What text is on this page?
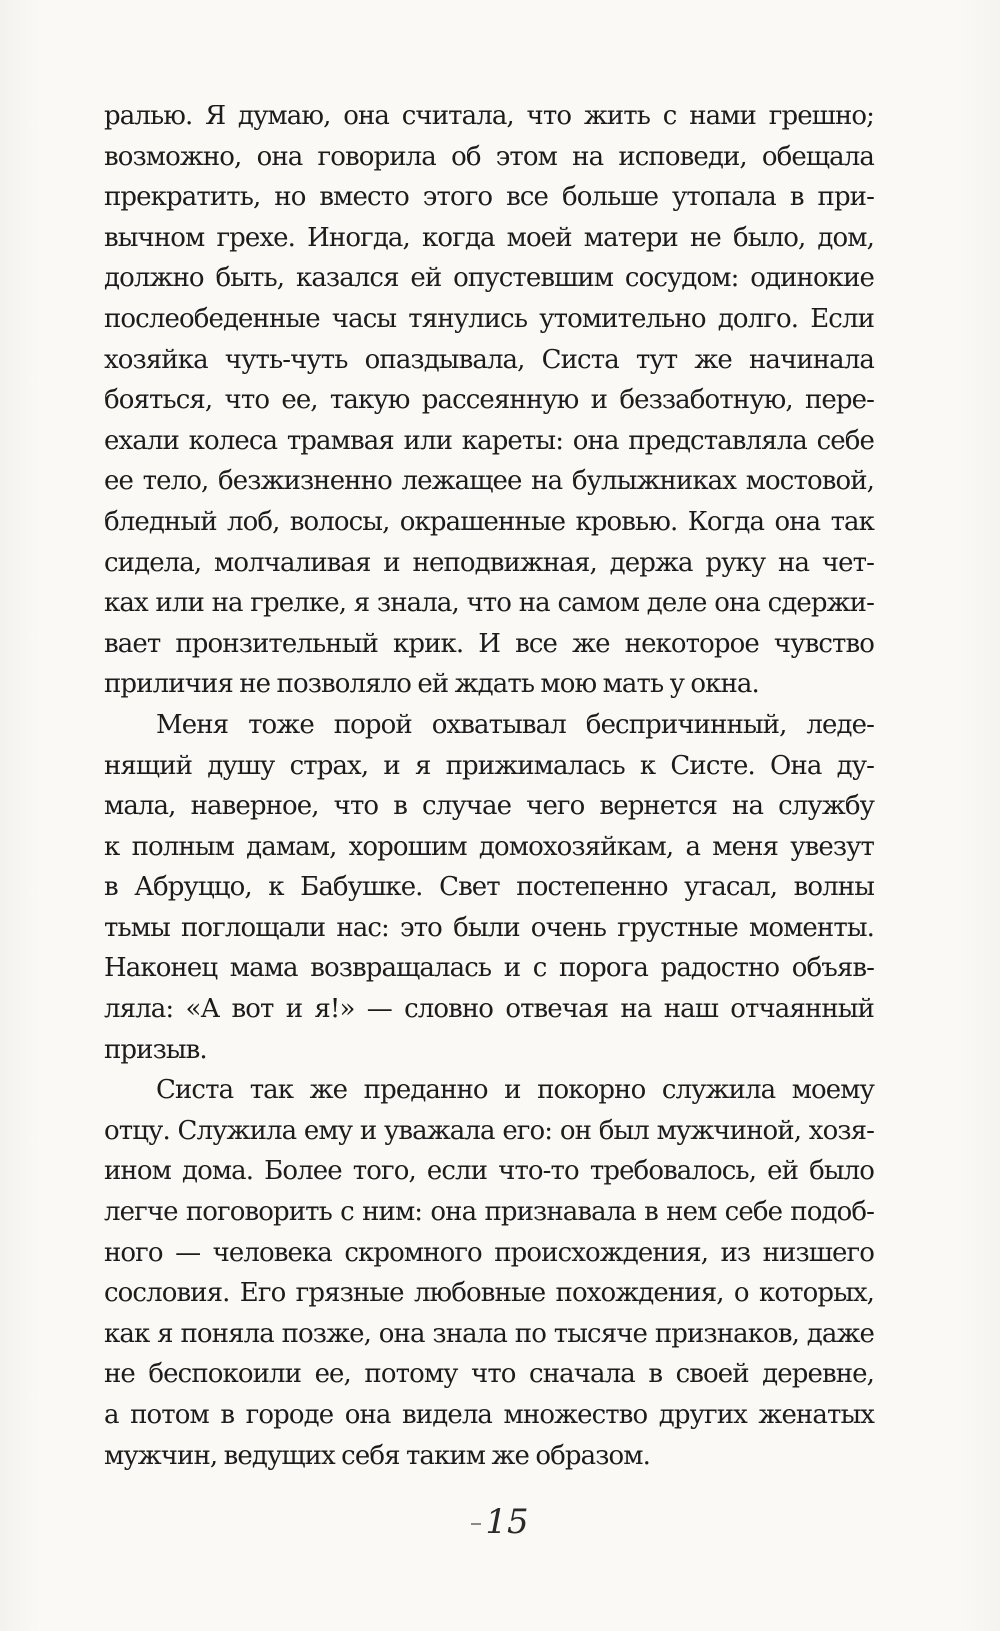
ралью. Я думаю, она считала, что жить с нами грешно;
возможно, она говорила об этом на исповеди, обещала
прекратить, но вместо этого все больше утопала в при-
вычном грехе. Иногда, когда моей матери не было, дом,
должно быть, казался ей опустевшим сосудом: одинокие
послеобеденные часы тянулись утомительно долго. Если
хозяйка чуть-чуть опаздывала, Систа тут же начинала
бояться, что ее, такую рассеянную и беззаботную, пере-
ехали колеса трамвая или кареты: она представляла себе
ее тело, безжизненно лежащее на булыжниках мостовой,
бледный лоб, волосы, окрашенные кровью. Когда она так
сидела, молчаливая и неподвижная, держа руку на чет-
ках или на грелке, я знала, что на самом деле она сдержи-
вает пронзительный крик. И все же некоторое чувство
приличия не позволяло ей ждать мою мать у окна.
Меня тоже порой охватывал беспричинный, леде-
нящий душу страх, и я прижималась к Систе. Она ду-
мала, наверное, что в случае чего вернется на службу
к полным дамам, хорошим домохозяйкам, а меня увезут
в Абруццо, к Бабушке. Свет постепенно угасал, волны
тьмы поглощали нас: это были очень грустные моменты.
Наконец мама возвращалась и с порога радостно объяв-
ляла: «А вот и я!» — словно отвечая на наш отчаянный
призыв.
Систа так же преданно и покорно служила моему
отцу. Служила ему и уважала его: он был мужчиной, хозя-
ином дома. Более того, если что-то требовалось, ей было
легче поговорить с ним: она признавала в нем себе подоб-
ного — человека скромного происхождения, из низшего
сословия. Его грязные любовные похождения, о которых,
как я поняла позже, она знала по тысяче признаков, даже
не беспокоили ее, потому что сначала в своей деревне,
а потом в городе она видела множество других женатых
мужчин, ведущих себя таким же образом.
15
